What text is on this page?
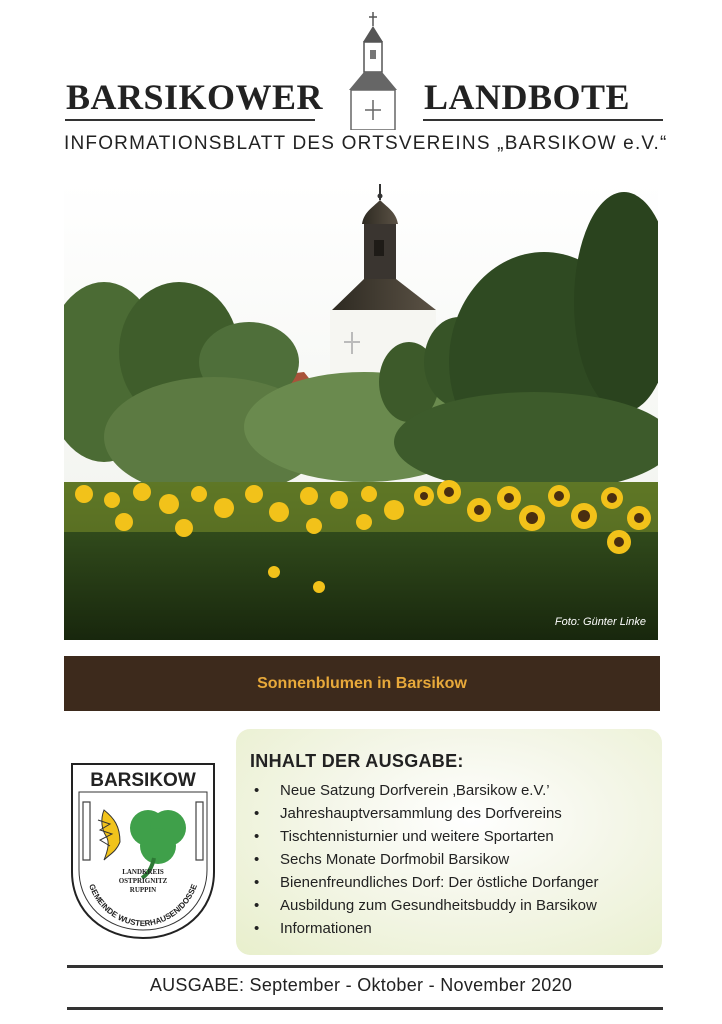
BARSIKOWER	LANDBOTE
INFORMATIONSBLATT DES ORTSVEREINS „BARSIKOW e.V.“
Foto: Günter Linke
Sonnenblumen in Barsikow
BARSIKOW
LANDKREIS
OSTPRIGNITZ
RUPPIN
GEMEINDE WUSTERHAUSEN/DOSSE
INHALT DER AUSGABE:
• Neue Satzung Dorfverein ‚Barsikow e.V.’
• Jahreshauptversammlung des Dorfvereins
• Tischtennisturnier und weitere Sportarten
• Sechs Monate Dorfmobil Barsikow
• Bienenfreundliches Dorf: Der östliche Dorfanger
• Ausbildung zum Gesundheitsbuddy in Barsikow
• Informationen
AUSGABE: September - Oktober - November 2020
